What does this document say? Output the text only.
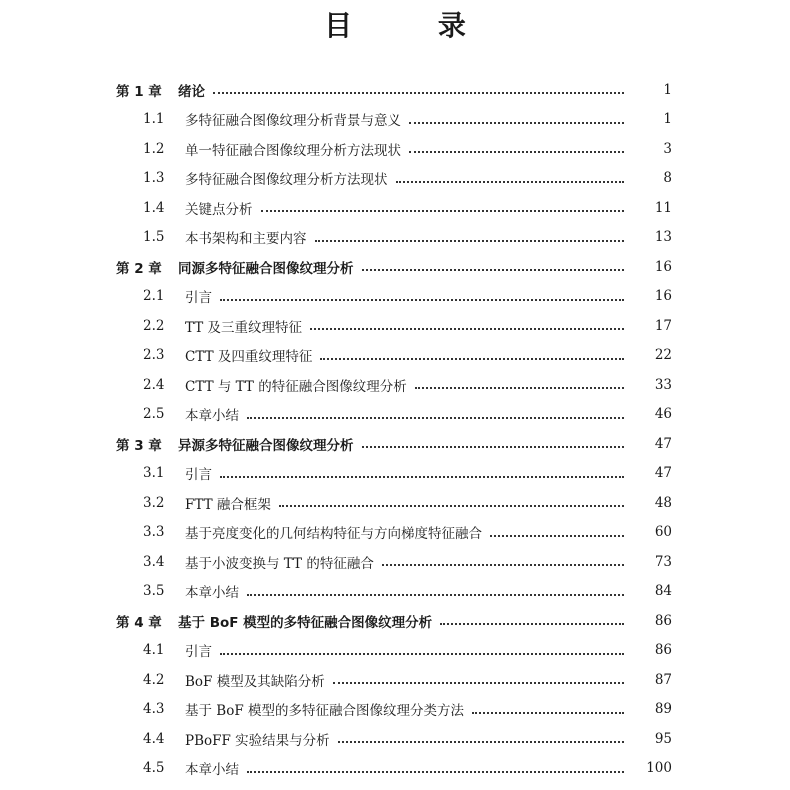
目 录
第 1 章	绪论	1
1.1	多特征融合图像纹理分析背景与意义	1
1.2	单一特征融合图像纹理分析方法现状	3
1.3	多特征融合图像纹理分析方法现状	8
1.4	关键点分析	11
1.5	本书架构和主要内容	13
第 2 章	同源多特征融合图像纹理分析	16
2.1	引言	16
2.2	TT 及三重纹理特征	17
2.3	CTT 及四重纹理特征	22
2.4	CTT 与 TT 的特征融合图像纹理分析	33
2.5	本章小结	46
第 3 章	异源多特征融合图像纹理分析	47
3.1	引言	47
3.2	FTT 融合框架	48
3.3	基于亮度变化的几何结构特征与方向梯度特征融合	60
3.4	基于小波变换与 TT 的特征融合	73
3.5	本章小结	84
第 4 章	基于 BoF 模型的多特征融合图像纹理分析	86
4.1	引言	86
4.2	BoF 模型及其缺陷分析	87
4.3	基于 BoF 模型的多特征融合图像纹理分类方法	89
4.4	PBoFF 实验结果与分析	95
4.5	本章小结	100
